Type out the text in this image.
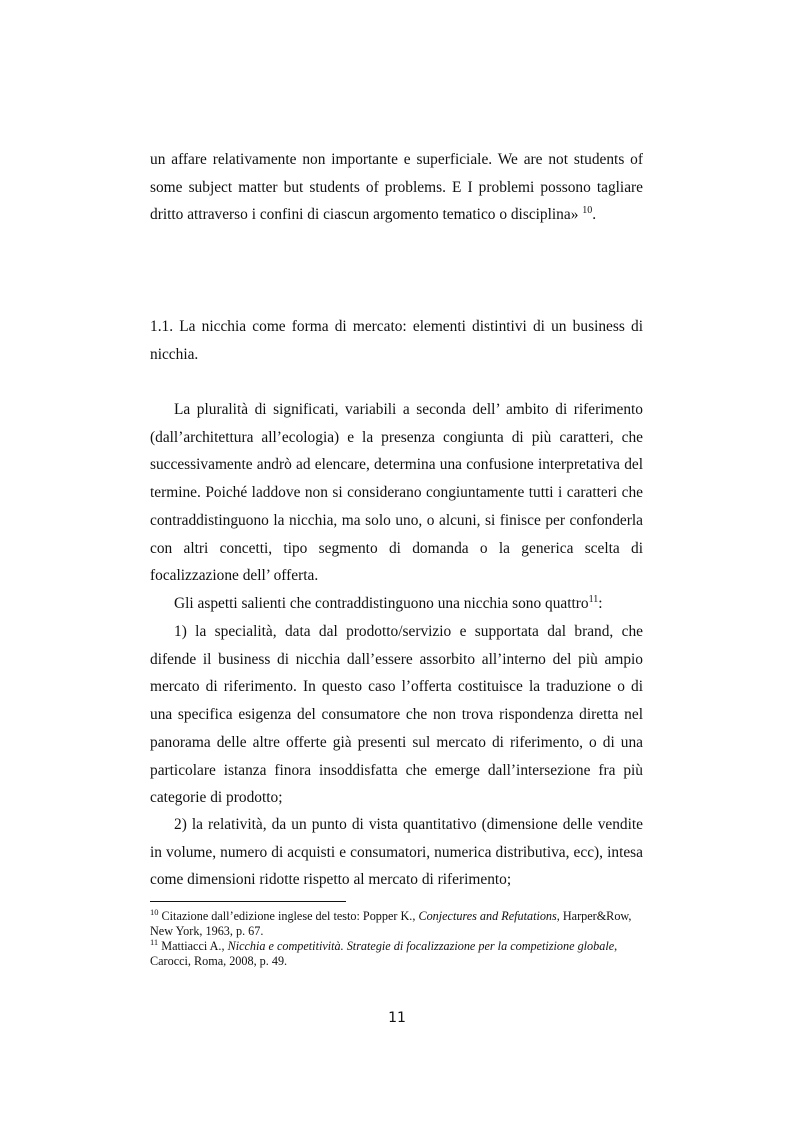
un affare relativamente non importante e superficiale. We are not students of some subject matter but students of problems. E I problemi possono tagliare dritto attraverso i confini di ciascun argomento tematico o disciplina» $^{10}$.

1.1. La nicchia come forma di mercato: elementi distintivi di un business di nicchia.

La pluralità di significati, variabili a seconda dell’ ambito di riferimento (dall’architettura all’ecologia) e la presenza congiunta di più caratteri, che successivamente andrò ad elencare, determina una confusione interpretativa del termine. Poiché laddove non si considerano congiuntamente tutti i caratteri che contraddistinguono la nicchia, ma solo uno, o alcuni, si finisce per confonderla con altri concetti, tipo segmento di domanda o la generica scelta di focalizzazione dell’ offerta.

Gli aspetti salienti che contraddistinguono una nicchia sono quattro$^{11}$:

1) la specialità, data dal prodotto/servizio e supportata dal brand, che difende il business di nicchia dall’essere assorbito all’interno del più ampio mercato di riferimento. In questo caso l’offerta costituisce la traduzione o di una specifica esigenza del consumatore che non trova rispondenza diretta nel panorama delle altre offerte già presenti sul mercato di riferimento, o di una particolare istanza finora insoddisfatta che emerge dall’intersezione fra più categorie di prodotto;

2) la relatività, da un punto di vista quantitativo (dimensione delle vendite in volume, numero di acquisti e consumatori, numerica distributiva, ecc), intesa come dimensioni ridotte rispetto al mercato di riferimento;

$^{10}$ Citazione dall’edizione inglese del testo: Popper K., Conjectures and Refutations, Harper&Row, New York, 1963, p. 67.

$^{11}$ Mattiacci A., Nicchia e competitività. Strategie di focalizzazione per la competizione globale, Carocci, Roma, 2008, p. 49.

11
